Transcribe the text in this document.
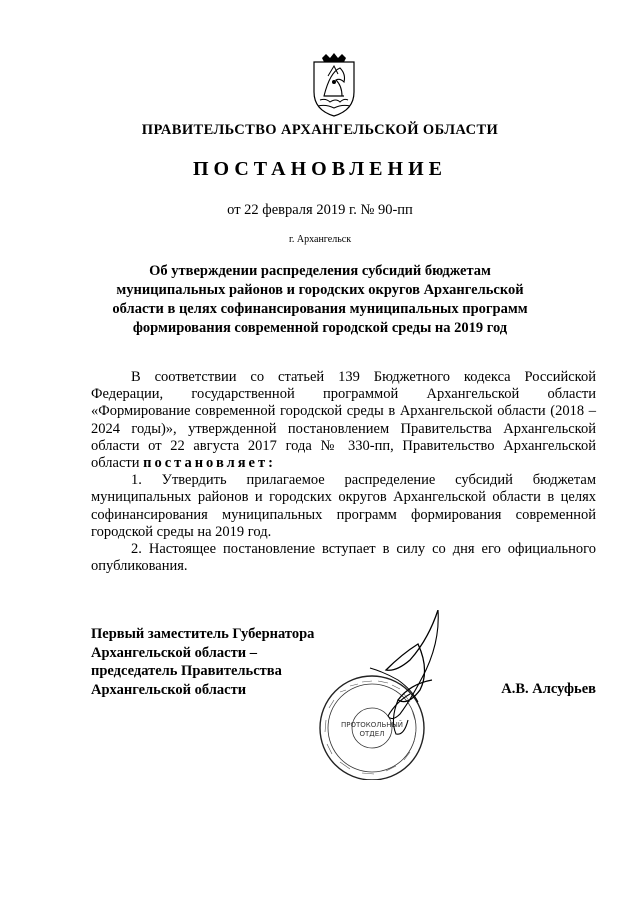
ПРАВИТЕЛЬСТВО АРХАНГЕЛЬСКОЙ ОБЛАСТИ
ПОСТАНОВЛЕНИЕ
от 22 февраля 2019 г. № 90-пп
г. Архангельск
Об утверждении распределения субсидий бюджетам
муниципальных районов и городских округов Архангельской
области в целях софинансирования муниципальных программ
формирования современной городской среды на 2019 год

В соответствии со статьей 139 Бюджетного кодекса Российской Федерации, государственной программой Архангельской области «Формирование современной городской среды в Архангельской области (2018 – 2024 годы)», утвержденной постановлением Правительства Архангельской области от 22 августа 2017 года № 330-пп, Правительство Архангельской области постановляет:

1. Утвердить прилагаемое распределение субсидий бюджетам муниципальных районов и городских округов Архангельской области в целях софинансирования муниципальных программ формирования современной городской среды на 2019 год.

2. Настоящее постановление вступает в силу со дня его официального опубликования.

Первый заместитель Губернатора
Архангельской области –
председатель Правительства
Архангельской области	А.В. Алсуфьев
ПРОТОКОЛЬНЫЙ
ОТДЕЛ
